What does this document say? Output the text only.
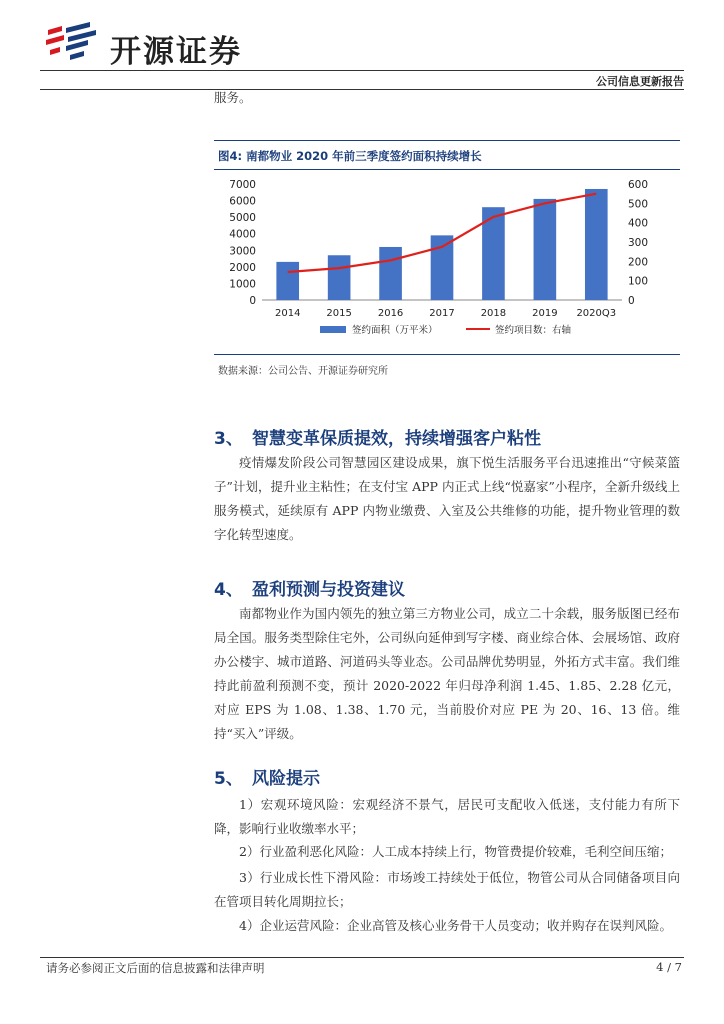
开源证券
公司信息更新报告
服务。
图4: 南都物业 2020 年前三季度签约面积持续增长
0
1000
2000
3000
4000
5000
6000
7000
0
100
200
300
400
500
600
2014	2015	2016	2017	2018	2019 2020Q3
签约面积（万平米）	签约项目数：右轴
数据来源：公司公告、开源证券研究所
3、 智慧变革保质提效，持续增强客户粘性
疫情爆发阶段公司智慧园区建设成果，旗下悦生活服务平台迅速推出“守候菜篮子”计划，提升业主粘性；在支付宝 APP 内正式上线“悦嘉家”小程序，全新升级线上服务模式，延续原有 APP 内物业缴费、入室及公共维修的功能，提升物业管理的数字化转型速度。
4、 盈利预测与投资建议
南都物业作为国内领先的独立第三方物业公司，成立二十余载，服务版图已经布局全国。服务类型除住宅外，公司纵向延伸到写字楼、商业综合体、会展场馆、政府办公楼宇、城市道路、河道码头等业态。公司品牌优势明显，外拓方式丰富。我们维持此前盈利预测不变，预计 2020-2022 年归母净利润 1.45、1.85、2.28 亿元，对应 EPS 为 1.08、1.38、1.70 元，当前股价对应 PE 为 20、16、13 倍。维持“买入”评级。
5、 风险提示
1）宏观环境风险：宏观经济不景气，居民可支配收入低迷，支付能力有所下降，影响行业收缴率水平；
2）行业盈利恶化风险：人工成本持续上行，物管费提价较难，毛利空间压缩；
3）行业成长性下滑风险：市场竣工持续处于低位，物管公司从合同储备项目向在管项目转化周期拉长；
4）企业运营风险：企业高管及核心业务骨干人员变动；收并购存在误判风险。
请务必参阅正文后面的信息披露和法律声明	4 / 7
